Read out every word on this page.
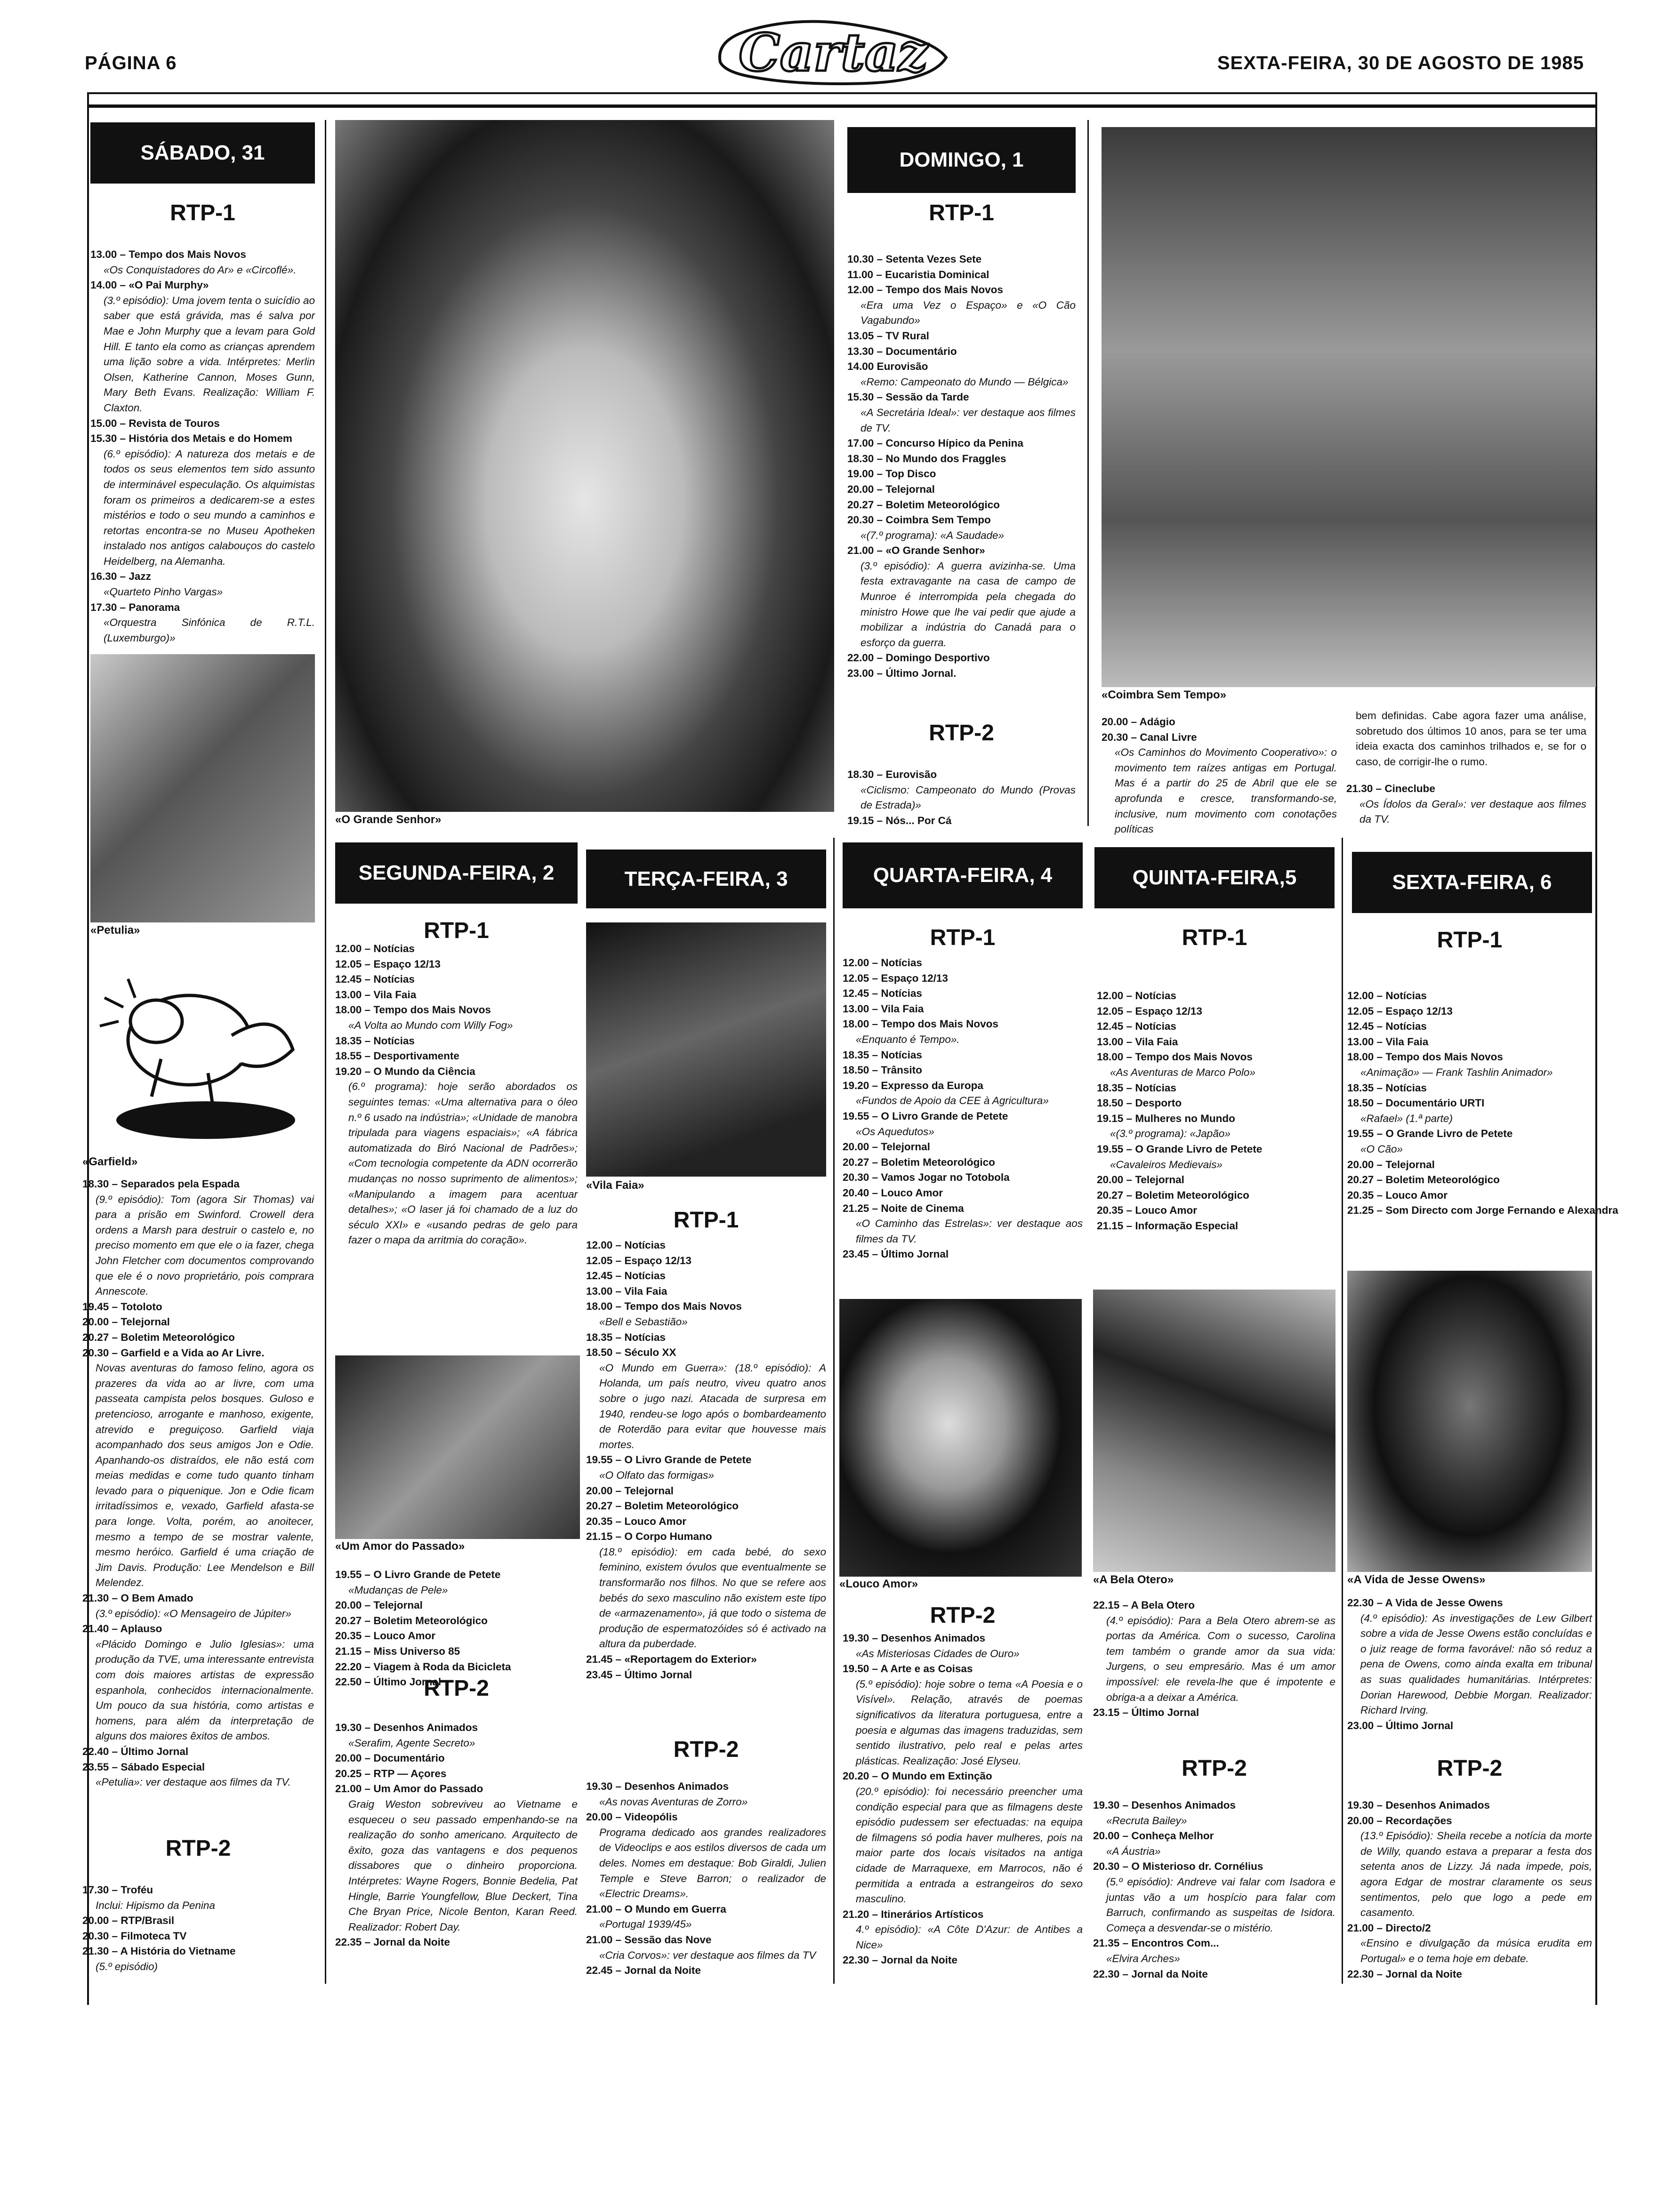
PÁGINA 6	Cartaz	SEXTA-FEIRA, 30 DE AGOSTO DE 1985
SÁBADO, 31
RTP-1

13.00 – Tempo dos Mais Novos

«Os Conquistadores do Ar» e «Circoflé».

14.00 – «O Pai Murphy»

(3.º episódio): Uma jovem tenta o suicídio ao saber que está grávida, mas é salva por Mae e John Murphy que a levam para Gold Hill. E tanto ela como as crianças aprendem uma lição sobre a vida. Intérpretes: Merlin Olsen, Katherine Cannon, Moses Gunn, Mary Beth Evans. Realização: William F. Claxton.

15.00 – Revista de Touros

15.30 – História dos Metais e do Homem

(6.º episódio): A natureza dos metais e de todos os seus elementos tem sido assunto de interminável especulação. Os alquimistas foram os primeiros a dedicarem-se a estes mistérios e todo o seu mundo a caminhos e retortas encontra-se no Museu Apotheken instalado nos antigos calabouços do castelo Heidelberg, na Alemanha.

16.30 – Jazz

«Quarteto Pinho Vargas»

17.30 – Panorama

«Orquestra Sinfónica de R.T.L. (Luxemburgo)»

«Petulia»
«Garfield»

18.30 – Separados pela Espada

(9.º episódio): Tom (agora Sir Thomas) vai para a prisão em Swinford. Crowell dera ordens a Marsh para destruir o castelo e, no preciso momento em que ele o ia fazer, chega John Fletcher com documentos comprovando que ele é o novo proprietário, pois comprara Annescote.

19.45 – Totoloto

20.00 – Telejornal

20.27 – Boletim Meteorológico

20.30 – Garfield e a Vida ao Ar Livre.

Novas aventuras do famoso felino, agora os prazeres da vida ao ar livre, com uma passeata campista pelos bosques. Guloso e pretencioso, arrogante e manhoso, exigente, atrevido e preguiçoso. Garfield viaja acompanhado dos seus amigos Jon e Odie. Apanhando-os distraídos, ele não está com meias medidas e come tudo quanto tinham levado para o piquenique. Jon e Odie ficam irritadíssimos e, vexado, Garfield afasta-se para longe. Volta, porém, ao anoitecer, mesmo a tempo de se mostrar valente, mesmo heróico. Garfield é uma criação de Jim Davis. Produção: Lee Mendelson e Bill Melendez.

21.30 – O Bem Amado

(3.º episódio): «O Mensageiro de Júpiter»

21.40 – Aplauso

«Plácido Domingo e Julio Iglesias»: uma produção da TVE, uma interessante entrevista com dois maiores artistas de expressão espanhola, conhecidos internacionalmente. Um pouco da sua história, como artistas e homens, para além da interpretação de alguns dos maiores êxitos de ambos.

22.40 – Último Jornal

23.55 – Sábado Especial

«Petulia»: ver destaque aos filmes da TV.

RTP-2

17.30 – Troféu

Inclui: Hipismo da Penina

20.00 – RTP/Brasil

20.30 – Filmoteca TV

21.30 – A História do Vietname

(5.º episódio)

«O Grande Senhor»
DOMINGO, 1
RTP-1

10.30 – Setenta Vezes Sete

11.00 – Eucaristia Dominical

12.00 – Tempo dos Mais Novos

«Era uma Vez o Espaço» e «O Cão Vagabundo»

13.05 – TV Rural

13.30 – Documentário

14.00 Eurovisão

«Remo: Campeonato do Mundo — Bélgica»

15.30 – Sessão da Tarde

«A Secretária Ideal»: ver destaque aos filmes de TV.

17.00 – Concurso Hípico da Penina

18.30 – No Mundo dos Fraggles

19.00 – Top Disco

20.00 – Telejornal

20.27 – Boletim Meteorológico

20.30 – Coimbra Sem Tempo

«(7.º programa): «A Saudade»

21.00 – «O Grande Senhor»

(3.º episódio): A guerra avizinha-se. Uma festa extravagante na casa de campo de Munroe é interrompida pela chegada do ministro Howe que lhe vai pedir que ajude a mobilizar a indústria do Canadá para o esforço da guerra.

22.00 – Domingo Desportivo

23.00 – Último Jornal.

RTP-2

18.30 – Eurovisão

«Ciclismo: Campeonato do Mundo (Provas de Estrada)»

19.15 – Nós... Por Cá

«Coimbra Sem Tempo»

20.00 – Adágio

20.30 – Canal Livre

«Os Caminhos do Movimento Cooperativo»: o movimento tem raízes antigas em Portugal. Mas é a partir do 25 de Abril que ele se aprofunda e cresce, transformando-se, inclusive, num movimento com conotações políticas

bem definidas. Cabe agora fazer uma análise, sobretudo dos últimos 10 anos, para se ter uma ideia exacta dos caminhos trilhados e, se for o caso, de corrigir-lhe o rumo.

21.30 – Cineclube

«Os Ídolos da Geral»: ver destaque aos filmes da TV.

SEGUNDA-FEIRA, 2
RTP-1

12.00 – Notícias

12.05 – Espaço 12/13

12.45 – Notícias

13.00 – Vila Faia

18.00 – Tempo dos Mais Novos

«A Volta ao Mundo com Willy Fog»

18.35 – Notícias

18.55 – Desportivamente

19.20 – O Mundo da Ciência

(6.º programa): hoje serão abordados os seguintes temas: «Uma alternativa para o óleo n.º 6 usado na indústria»; «Unidade de manobra tripulada para viagens espaciais»; «A fábrica automatizada do Biró Nacional de Padrões»; «Com tecnologia competente da ADN ocorrerão mudanças no nosso suprimento de alimentos»; «Manipulando a imagem para acentuar detalhes»; «O laser já foi chamado de a luz do século XXI» e «usando pedras de gelo para fazer o mapa da arritmia do coração».

«Um Amor do Passado»

19.55 – O Livro Grande de Petete

«Mudanças de Pele»

20.00 – Telejornal

20.27 – Boletim Meteorológico

20.35 – Louco Amor

21.15 – Miss Universo 85

22.20 – Viagem à Roda da Bicicleta

22.50 – Último Jornal

RTP-2

19.30 – Desenhos Animados

«Serafim, Agente Secreto»

20.00 – Documentário

20.25 – RTP — Açores

21.00 – Um Amor do Passado

Graig Weston sobreviveu ao Vietname e esqueceu o seu passado empenhando-se na realização do sonho americano. Arquitecto de êxito, goza das vantagens e dos pequenos dissabores que o dinheiro proporciona. Intérpretes: Wayne Rogers, Bonnie Bedelia, Pat Hingle, Barrie Youngfellow, Blue Deckert, Tina Che Bryan Price, Nicole Benton, Karan Reed. Realizador: Robert Day.

22.35 – Jornal da Noite

TERÇA-FEIRA, 3
«Vila Faia»
RTP-1

12.00 – Notícias

12.05 – Espaço 12/13

12.45 – Notícias

13.00 – Vila Faia

18.00 – Tempo dos Mais Novos

«Bell e Sebastião»

18.35 – Notícias

18.50 – Século XX

«O Mundo em Guerra»: (18.º episódio): A Holanda, um país neutro, viveu quatro anos sobre o jugo nazi. Atacada de surpresa em 1940, rendeu-se logo após o bombardeamento de Roterdão para evitar que houvesse mais mortes.

19.55 – O Livro Grande de Petete

«O Olfato das formigas»

20.00 – Telejornal

20.27 – Boletim Meteorológico

20.35 – Louco Amor

21.15 – O Corpo Humano

(18.º episódio): em cada bebé, do sexo feminino, existem óvulos que eventualmente se transformarão nos filhos. No que se refere aos bebés do sexo masculino não existem este tipo de «armazenamento», já que todo o sistema de produção de espermatozóides só é activado na altura da puberdade.

21.45 – «Reportagem do Exterior»

23.45 – Último Jornal

RTP-2

19.30 – Desenhos Animados

«As novas Aventuras de Zorro»

20.00 – Videopólis

Programa dedicado aos grandes realizadores de Videoclips e aos estilos diversos de cada um deles. Nomes em destaque: Bob Giraldi, Julien Temple e Steve Barron; o realizador de «Electric Dreams».

21.00 – O Mundo em Guerra

«Portugal 1939/45»

21.00 – Sessão das Nove

«Cria Corvos»: ver destaque aos filmes da TV

22.45 – Jornal da Noite

QUARTA-FEIRA, 4
RTP-1

12.00 – Notícias

12.05 – Espaço 12/13

12.45 – Notícias

13.00 – Vila Faia

18.00 – Tempo dos Mais Novos

«Enquanto é Tempo».

18.35 – Notícias

18.50 – Trânsito

19.20 – Expresso da Europa

«Fundos de Apoio da CEE à Agricultura»

19.55 – O Livro Grande de Petete

«Os Aquedutos»

20.00 – Telejornal

20.27 – Boletim Meteorológico

20.30 – Vamos Jogar no Totobola

20.40 – Louco Amor

21.25 – Noite de Cinema

«O Caminho das Estrelas»: ver destaque aos filmes da TV.

23.45 – Último Jornal

«Louco Amor»
RTP-2

19.30 – Desenhos Animados

«As Misteriosas Cidades de Ouro»

19.50 – A Arte e as Coisas

(5.º episódio): hoje sobre o tema «A Poesia e o Visível». Relação, através de poemas significativos da literatura portuguesa, entre a poesia e algumas das imagens traduzidas, sem sentido ilustrativo, pelo real e pelas artes plásticas. Realização: José Elyseu.

20.20 – O Mundo em Extinção

(20.º episódio): foi necessário preencher uma condição especial para que as filmagens deste episódio pudessem ser efectuadas: na equipa de filmagens só podia haver mulheres, pois na maior parte dos locais visitados na antiga cidade de Marraquexe, em Marrocos, não é permitida a entrada a estrangeiros do sexo masculino.

21.20 – Itinerários Artísticos

4.º episódio): «A Côte D'Azur: de Antibes a Nice»

22.30 – Jornal da Noite

QUINTA-FEIRA,5
RTP-1

12.00 – Notícias

12.05 – Espaço 12/13

12.45 – Notícias

13.00 – Vila Faia

18.00 – Tempo dos Mais Novos

«As Aventuras de Marco Polo»

18.35 – Notícias

18.50 – Desporto

19.15 – Mulheres no Mundo

«(3.º programa): «Japão»

19.55 – O Grande Livro de Petete

«Cavaleiros Medievais»

20.00 – Telejornal

20.27 – Boletim Meteorológico

20.35 – Louco Amor

21.15 – Informação Especial

«A Bela Otero»

22.15 – A Bela Otero

(4.º episódio): Para a Bela Otero abrem-se as portas da América. Com o sucesso, Carolina tem também o grande amor da sua vida: Jurgens, o seu empresário. Mas é um amor impossível: ele revela-lhe que é impotente e obriga-a a deixar a América.

23.15 – Último Jornal

RTP-2

19.30 – Desenhos Animados

«Recruta Bailey»

20.00 – Conheça Melhor

«A Áustria»

20.30 – O Misterioso dr. Cornélius

(5.º episódio): Andreve vai falar com Isadora e juntas vão a um hospício para falar com Barruch, confirmando as suspeitas de Isidora. Começa a desvendar-se o mistério.

21.35 – Encontros Com...

«Elvira Arches»

22.30 – Jornal da Noite

SEXTA-FEIRA, 6
RTP-1

12.00 – Notícias

12.05 – Espaço 12/13

12.45 – Notícias

13.00 – Vila Faia

18.00 – Tempo dos Mais Novos

«Animação» — Frank Tashlin Animador»

18.35 – Notícias

18.50 – Documentário URTI

«Rafael» (1.ª parte)

19.55 – O Grande Livro de Petete

«O Cão»

20.00 – Telejornal

20.27 – Boletim Meteorológico

20.35 – Louco Amor

21.25 – Som Directo com Jorge Fernando e Alexandra

«A Vida de Jesse Owens»

22.30 – A Vida de Jesse Owens

(4.º episódio): As investigações de Lew Gilbert sobre a vida de Jesse Owens estão concluídas e o juiz reage de forma favorável: não só reduz a pena de Owens, como ainda exalta em tribunal as suas qualidades humanitárias. Intérpretes: Dorian Harewood, Debbie Morgan. Realizador: Richard Irving.

23.00 – Último Jornal

RTP-2

19.30 – Desenhos Animados

20.00 – Recordações

(13.º Episódio): Sheila recebe a notícia da morte de Willy, quando estava a preparar a festa dos setenta anos de Lizzy. Já nada impede, pois, agora Edgar de mostrar claramente os seus sentimentos, pelo que logo a pede em casamento.

21.00 – Directo/2

«Ensino e divulgação da música erudita em Portugal» e o tema hoje em debate.

22.30 – Jornal da Noite
